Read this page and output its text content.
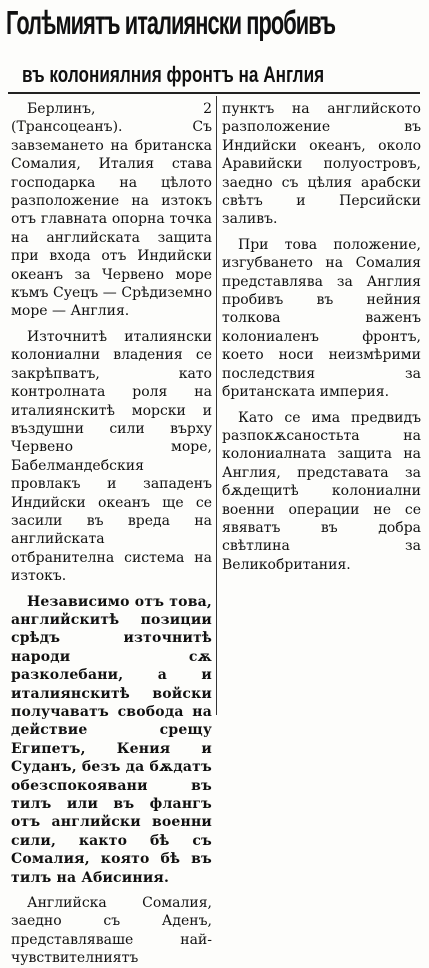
Голѣмиятъ италиянски пробивъ
въ колониялния фронтъ на Англия

Берлинъ, 2 (Трансоцеанъ). Съ завземането на британска Сомалия, Италия става господарка на цѣлото разположение на изтокъ отъ главната опорна точка на английската защита при входа отъ Индийски океанъ за Червено море къмъ Суецъ — Срѣдиземно море — Англия.

Източнитѣ италиянски колониални владения се закрѣпватъ, като контролната роля на италиянскитѣ морски и въздушни сили върху Червено море, Бабелмандебския провлакъ и западенъ Индийски океанъ ще се засили въ вреда на английската отбранителна система на изтокъ.

Независимо отъ това, английскитѣ позиции срѣдъ източнитѣ народи сѫ разколебани, а и италиянскитѣ войски получаватъ свобода на действие срещу Египетъ, Кения и Суданъ, безъ да бѫдатъ обезспокоявани въ тилъ или въ флангъ отъ английски военни сили, както бѣ съ Сомалия, която бѣ въ тилъ на Абисиния.

Английска Сомалия, заедно съ Аденъ, представляваше най-чувствителниятъ

пунктъ на английското разположение въ Индийски океанъ, около Аравийски полуостровъ, заедно съ цѣлия арабски свѣтъ и Персийски заливъ.

При това положение, изгубването на Сомалия представлява за Англия пробивъ въ нейния толкова важенъ колониаленъ фронтъ, което носи неизмѣрими последствия за британската империя.

Като се има предвидъ разпокѫсаностьта на колониалната защита на Англия, представата за бѫдещитѣ колониални военни операции не се явяватъ въ добра свѣтлина за Великобритания.
